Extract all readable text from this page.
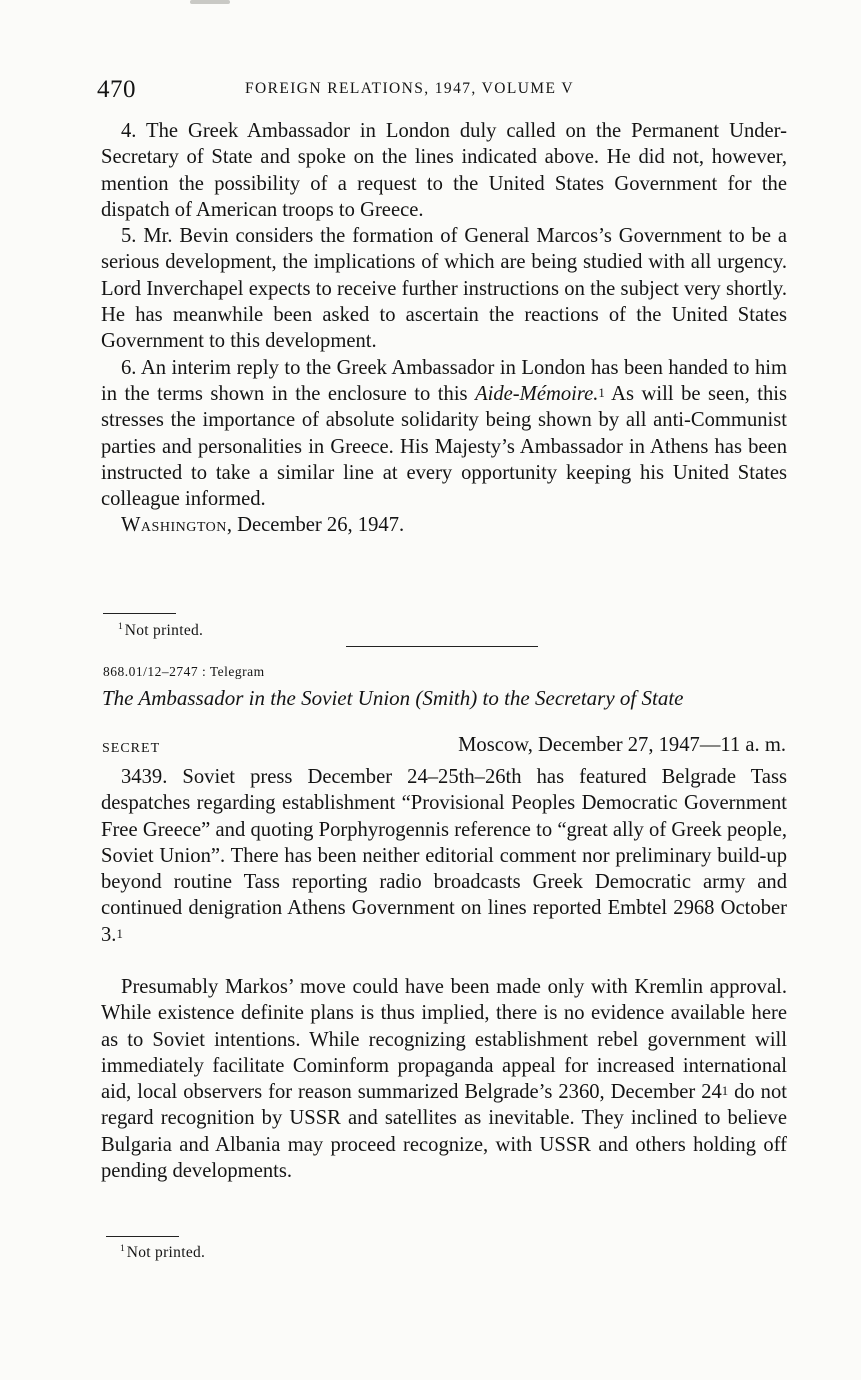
470	FOREIGN RELATIONS, 1947, VOLUME V

4. The Greek Ambassador in London duly called on the Permanent Under-Secretary of State and spoke on the lines indicated above. He did not, however, mention the possibility of a request to the United States Government for the dispatch of American troops to Greece.

5. Mr. Bevin considers the formation of General Marcos’s Government to be a serious development, the implications of which are being studied with all urgency. Lord Inverchapel expects to receive further instructions on the subject very shortly. He has meanwhile been asked to ascertain the reactions of the United States Government to this development.

6. An interim reply to the Greek Ambassador in London has been handed to him in the terms shown in the enclosure to this Aide-Mémoire.$^1$ As will be seen, this stresses the importance of absolute solidarity being shown by all anti-Communist parties and personalities in Greece. His Majesty’s Ambassador in Athens has been instructed to take a similar line at every opportunity keeping his United States colleague informed.

Washington, December 26, 1947.

$^1$  Not printed.
868.01/12–2747 : Telegram
The Ambassador in the Soviet Union (Smith) to the Secretary of State
SECRET	Moscow, December 27, 1947—11 a. m.

3439. Soviet press December 24–25th–26th has featured Belgrade Tass despatches regarding establishment “Provisional Peoples Democratic Government Free Greece” and quoting Porphyrogennis reference to “great ally of Greek people, Soviet Union”. There has been neither editorial comment nor preliminary build-up beyond routine Tass reporting radio broadcasts Greek Democratic army and continued denigration Athens Government on lines reported Embtel 2968 October 3.$^1$

Presumably Markos’ move could have been made only with Kremlin approval. While existence definite plans is thus implied, there is no evidence available here as to Soviet intentions. While recognizing establishment rebel government will immediately facilitate Cominform propaganda appeal for increased international aid, local observers for reason summarized Belgrade’s 2360, December $24^1$ do not regard recognition by USSR and satellites as inevitable. They inclined to believe Bulgaria and Albania may proceed recognize, with USSR and others holding off pending developments.

$^1$  Not printed.
